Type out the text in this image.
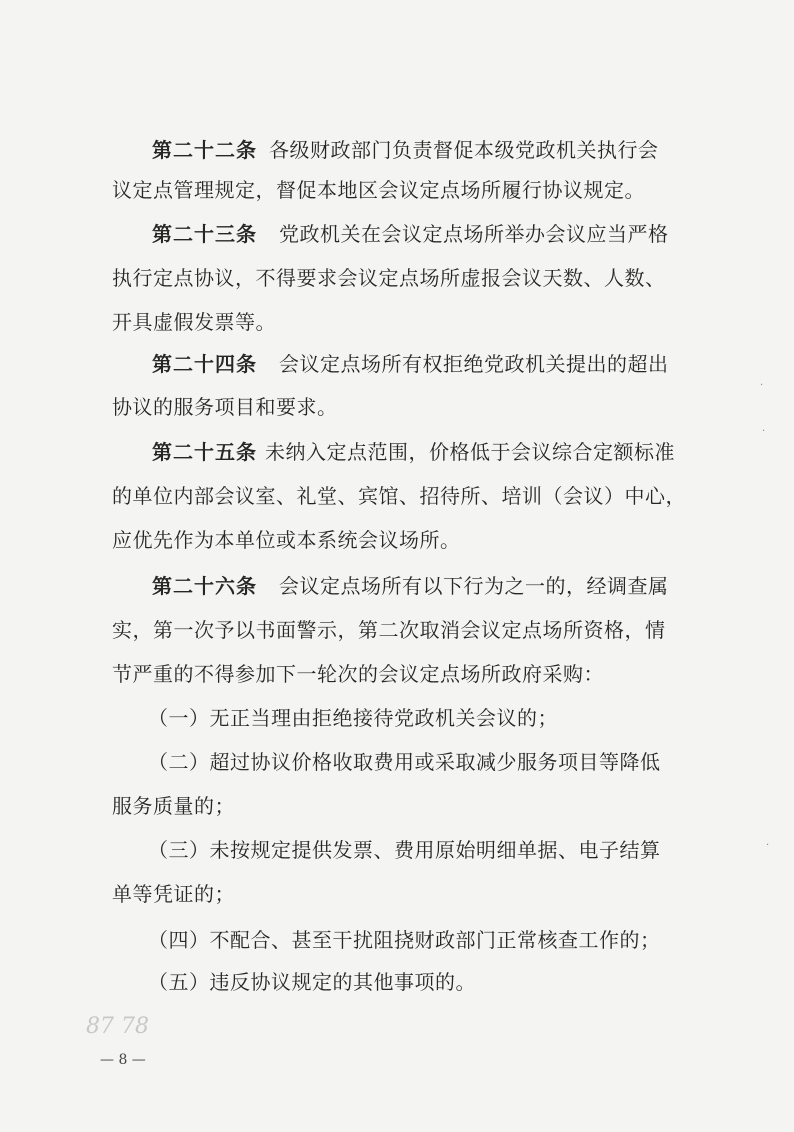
第二十二条 各级财政部门负责督促本级党政机关执行会
议定点管理规定，督促本地区会议定点场所履行协议规定。
第二十三条 党政机关在会议定点场所举办会议应当严格
执行定点协议，不得要求会议定点场所虚报会议天数、人数、
开具虚假发票等。
第二十四条 会议定点场所有权拒绝党政机关提出的超出
协议的服务项目和要求。
第二十五条 未纳入定点范围，价格低于会议综合定额标准
的单位内部会议室、礼堂、宾馆、招待所、培训（会议）中心，
应优先作为本单位或本系统会议场所。
第二十六条 会议定点场所有以下行为之一的，经调查属
实，第一次予以书面警示，第二次取消会议定点场所资格，情
节严重的不得参加下一轮次的会议定点场所政府采购：
（一）无正当理由拒绝接待党政机关会议的；
（二）超过协议价格收取费用或采取减少服务项目等降低
服务质量的；
（三）未按规定提供发票、费用原始明细单据、电子结算
单等凭证的；
（四）不配合、甚至干扰阻挠财政部门正常核查工作的；
（五）违反协议规定的其他事项的。
87 78
— 8 —
·
·
·
